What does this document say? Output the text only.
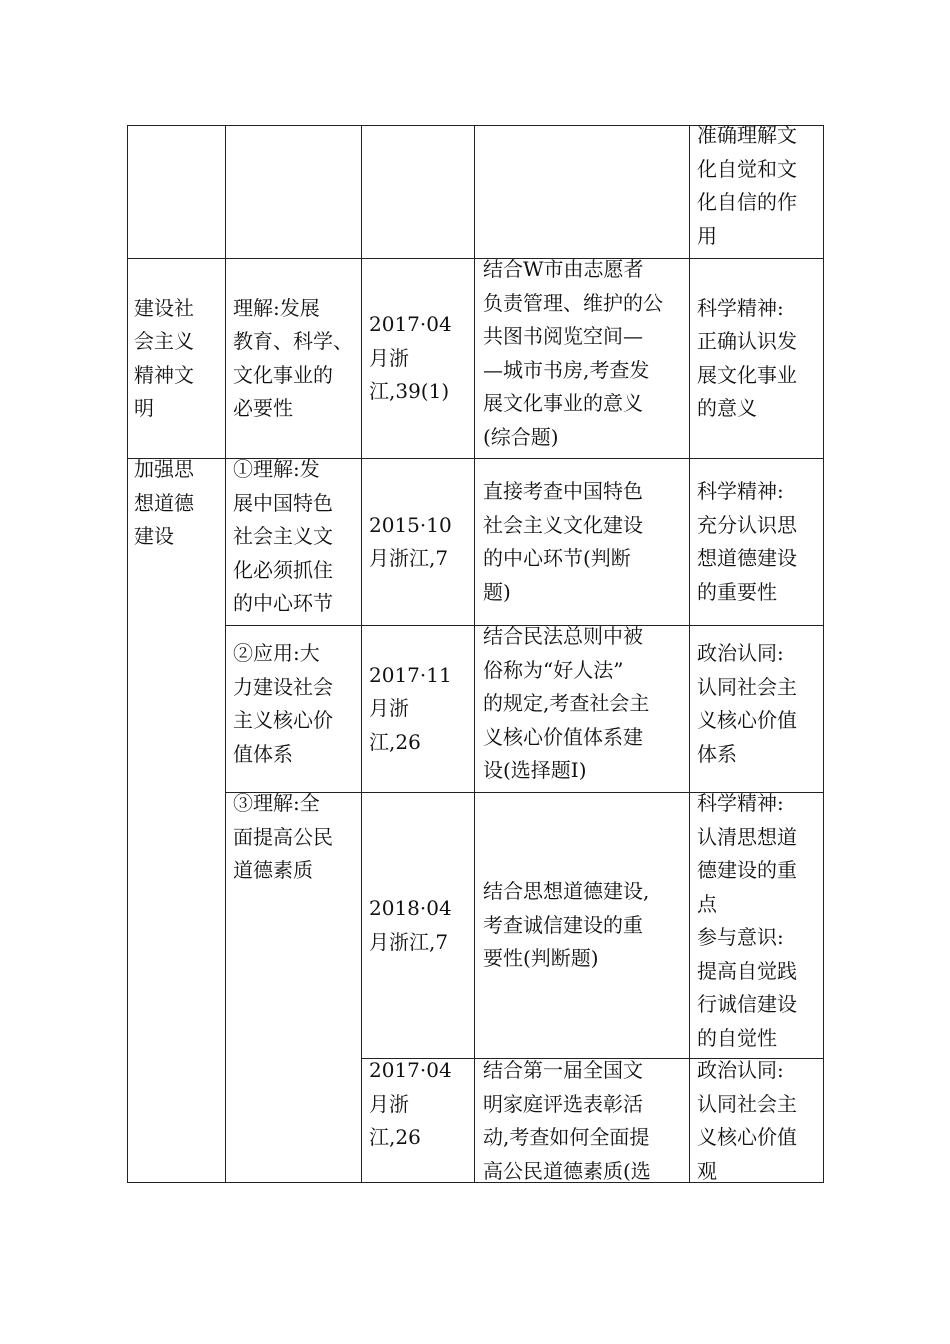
准确理解文
化自觉和文
化自信的作
用
建设社
会主义
精神文
明
理解:发展
教育、科学、
文化事业的
必要性
2017·04
月浙
江,39(1)
结合W市由志愿者
负责管理、维护的公
共图书阅览空间—
—城市书房,考查发
展文化事业的意义
(综合题)
科学精神:
正确认识发
展文化事业
的意义
加强思
想道德
建设
①理解:发
展中国特色
社会主义文
化必须抓住
的中心环节
2015·10
月浙江,7
直接考查中国特色
社会主义文化建设
的中心环节(判断
题)
科学精神:
充分认识思
想道德建设
的重要性
②应用:大
力建设社会
主义核心价
值体系
2017·11
月浙
江,26
结合民法总则中被
俗称为“好人法”
的规定,考查社会主
义核心价值体系建
设(选择题Ⅰ)
政治认同:
认同社会主
义核心价值
体系
③理解:全
面提高公民
道德素质
2018·04
月浙江,7
结合思想道德建设,
考查诚信建设的重
要性(判断题)
科学精神:
认清思想道
德建设的重
点
参与意识:
提高自觉践
行诚信建设
的自觉性
2017·04
月浙
江,26
结合第一届全国文
明家庭评选表彰活
动,考查如何全面提
高公民道德素质(选
政治认同:
认同社会主
义核心价值
观
